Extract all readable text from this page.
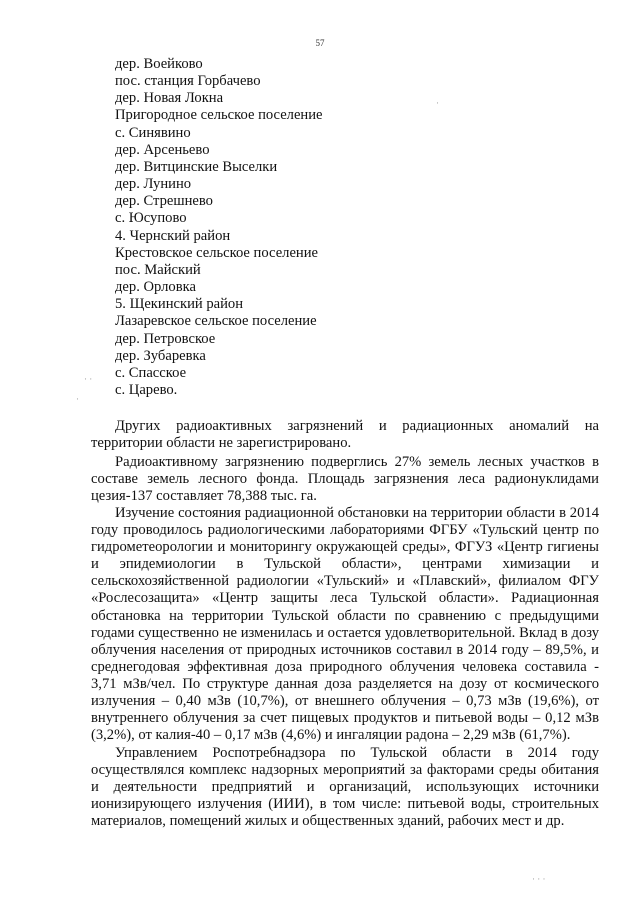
57
дер. Воейково
пос. станция Горбачево
дер. Новая Локна
Пригородное сельское поселение
с. Синявино
дер. Арсеньево
дер. Витцинские Выселки
дер. Лунино
дер. Стрешнево
с. Юсупово
4. Чернский район
Крестовское сельское поселение
пос. Майский
дер. Орловка
5. Щекинский район
Лазаревское сельское поселение
дер. Петровское
дер. Зубаревка
с. Спасское
с. Царево.
Других радиоактивных загрязнений и радиационных аномалий на территории области не зарегистрировано.
Радиоактивному загрязнению подверглись 27% земель лесных участков в составе земель лесного фонда. Площадь загрязнения леса радионуклидами цезия-137 составляет 78,388 тыс. га.
Изучение состояния радиационной обстановки на территории области в 2014 году проводилось радиологическими лабораториями ФГБУ «Тульский центр по гидрометеорологии и мониторингу окружающей среды», ФГУЗ «Центр гигиены и эпидемиологии в Тульской области», центрами химизации и сельскохозяйственной радиологии «Тульский» и «Плавский», филиалом ФГУ «Рослесозащита» «Центр защиты леса Тульской области». Радиационная обстановка на территории Тульской области по сравнению с предыдущими годами существенно не изменилась и остается удовлетворительной. Вклад в дозу облучения населения от природных источников составил в 2014 году – 89,5%, и среднегодовая эффективная доза природного облучения человека составила - 3,71 мЗв/чел. По структуре данная доза разделяется на дозу от космического излучения – 0,40 мЗв (10,7%), от внешнего облучения – 0,73 мЗв (19,6%), от внутреннего облучения за счет пищевых продуктов и питьевой воды – 0,12 мЗв (3,2%), от калия-40 – 0,17 мЗв (4,6%) и ингаляции радона – 2,29 мЗв (61,7%).
Управлением Роспотребнадзора по Тульской области в 2014 году осуществлялся комплекс надзорных мероприятий за факторами среды обитания и деятельности предприятий и организаций, использующих источники ионизирующего излучения (ИИИ), в том числе: питьевой воды, строительных материалов, помещений жилых и общественных зданий, рабочих мест и др.
· ·
·
·
· · ·
